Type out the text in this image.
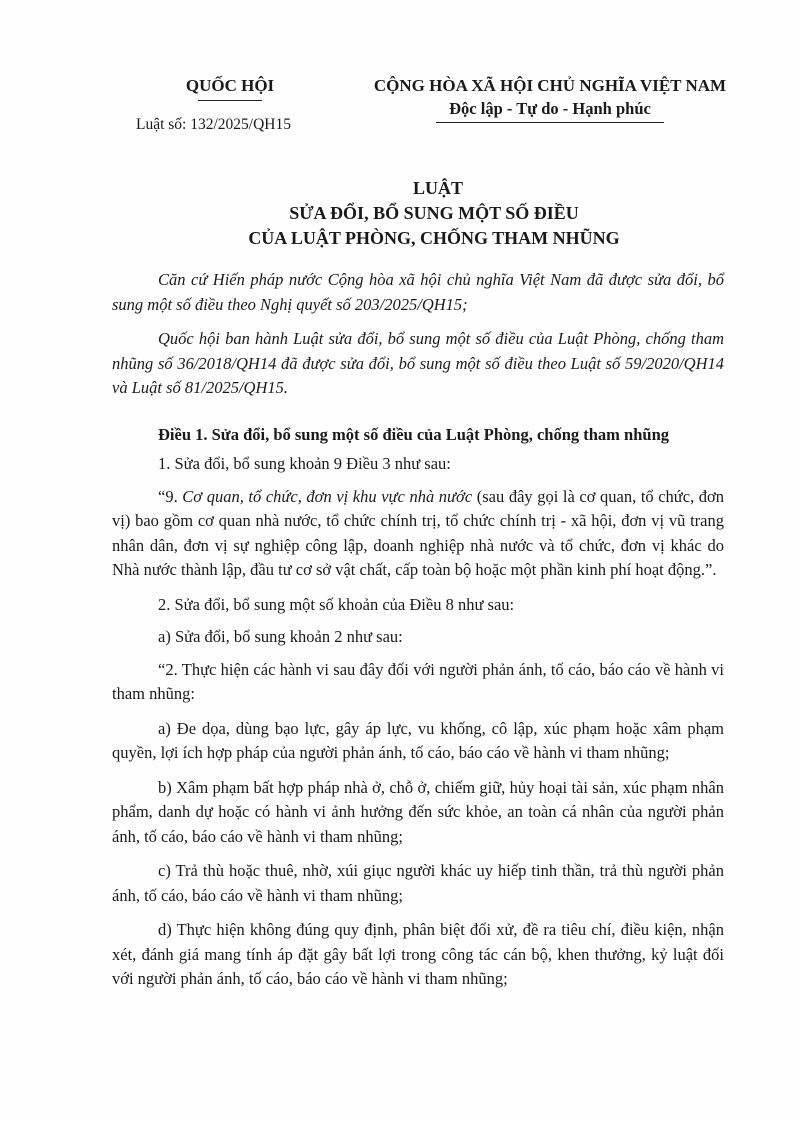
QUỐC HỘI
Luật số: 132/2025/QH15
CỘNG HÒA XÃ HỘI CHỦ NGHĨA VIỆT NAM
Độc lập - Tự do - Hạnh phúc
LUẬT
SỬA ĐỔI, BỔ SUNG MỘT SỐ ĐIỀU
CỦA LUẬT PHÒNG, CHỐNG THAM NHŨNG

Căn cứ Hiến pháp nước Cộng hòa xã hội chủ nghĩa Việt Nam đã được sửa đổi, bổ sung một số điều theo Nghị quyết số 203/2025/QH15;

Quốc hội ban hành Luật sửa đổi, bổ sung một số điều của Luật Phòng, chống tham nhũng số 36/2018/QH14 đã được sửa đổi, bổ sung một số điều theo Luật số 59/2020/QH14 và Luật số 81/2025/QH15.

Điều 1. Sửa đổi, bổ sung một số điều của Luật Phòng, chống tham nhũng

1. Sửa đổi, bổ sung khoản 9 Điều 3 như sau:

“9. Cơ quan, tổ chức, đơn vị khu vực nhà nước (sau đây gọi là cơ quan, tổ chức, đơn vị) bao gồm cơ quan nhà nước, tổ chức chính trị, tổ chức chính trị - xã hội, đơn vị vũ trang nhân dân, đơn vị sự nghiệp công lập, doanh nghiệp nhà nước và tổ chức, đơn vị khác do Nhà nước thành lập, đầu tư cơ sở vật chất, cấp toàn bộ hoặc một phần kinh phí hoạt động.”.

2. Sửa đổi, bổ sung một số khoản của Điều 8 như sau:

a) Sửa đổi, bổ sung khoản 2 như sau:

“2. Thực hiện các hành vi sau đây đối với người phản ánh, tố cáo, báo cáo về hành vi tham nhũng:

a) Đe dọa, dùng bạo lực, gây áp lực, vu khống, cô lập, xúc phạm hoặc xâm phạm quyền, lợi ích hợp pháp của người phản ánh, tố cáo, báo cáo về hành vi tham nhũng;

b) Xâm phạm bất hợp pháp nhà ở, chỗ ở, chiếm giữ, hủy hoại tài sản, xúc phạm nhân phẩm, danh dự hoặc có hành vi ảnh hưởng đến sức khỏe, an toàn cá nhân của người phản ánh, tố cáo, báo cáo về hành vi tham nhũng;

c) Trả thù hoặc thuê, nhờ, xúi giục người khác uy hiếp tinh thần, trả thù người phản ánh, tố cáo, báo cáo về hành vi tham nhũng;

d) Thực hiện không đúng quy định, phân biệt đối xử, đề ra tiêu chí, điều kiện, nhận xét, đánh giá mang tính áp đặt gây bất lợi trong công tác cán bộ, khen thưởng, kỷ luật đối với người phản ánh, tố cáo, báo cáo về hành vi tham nhũng;
